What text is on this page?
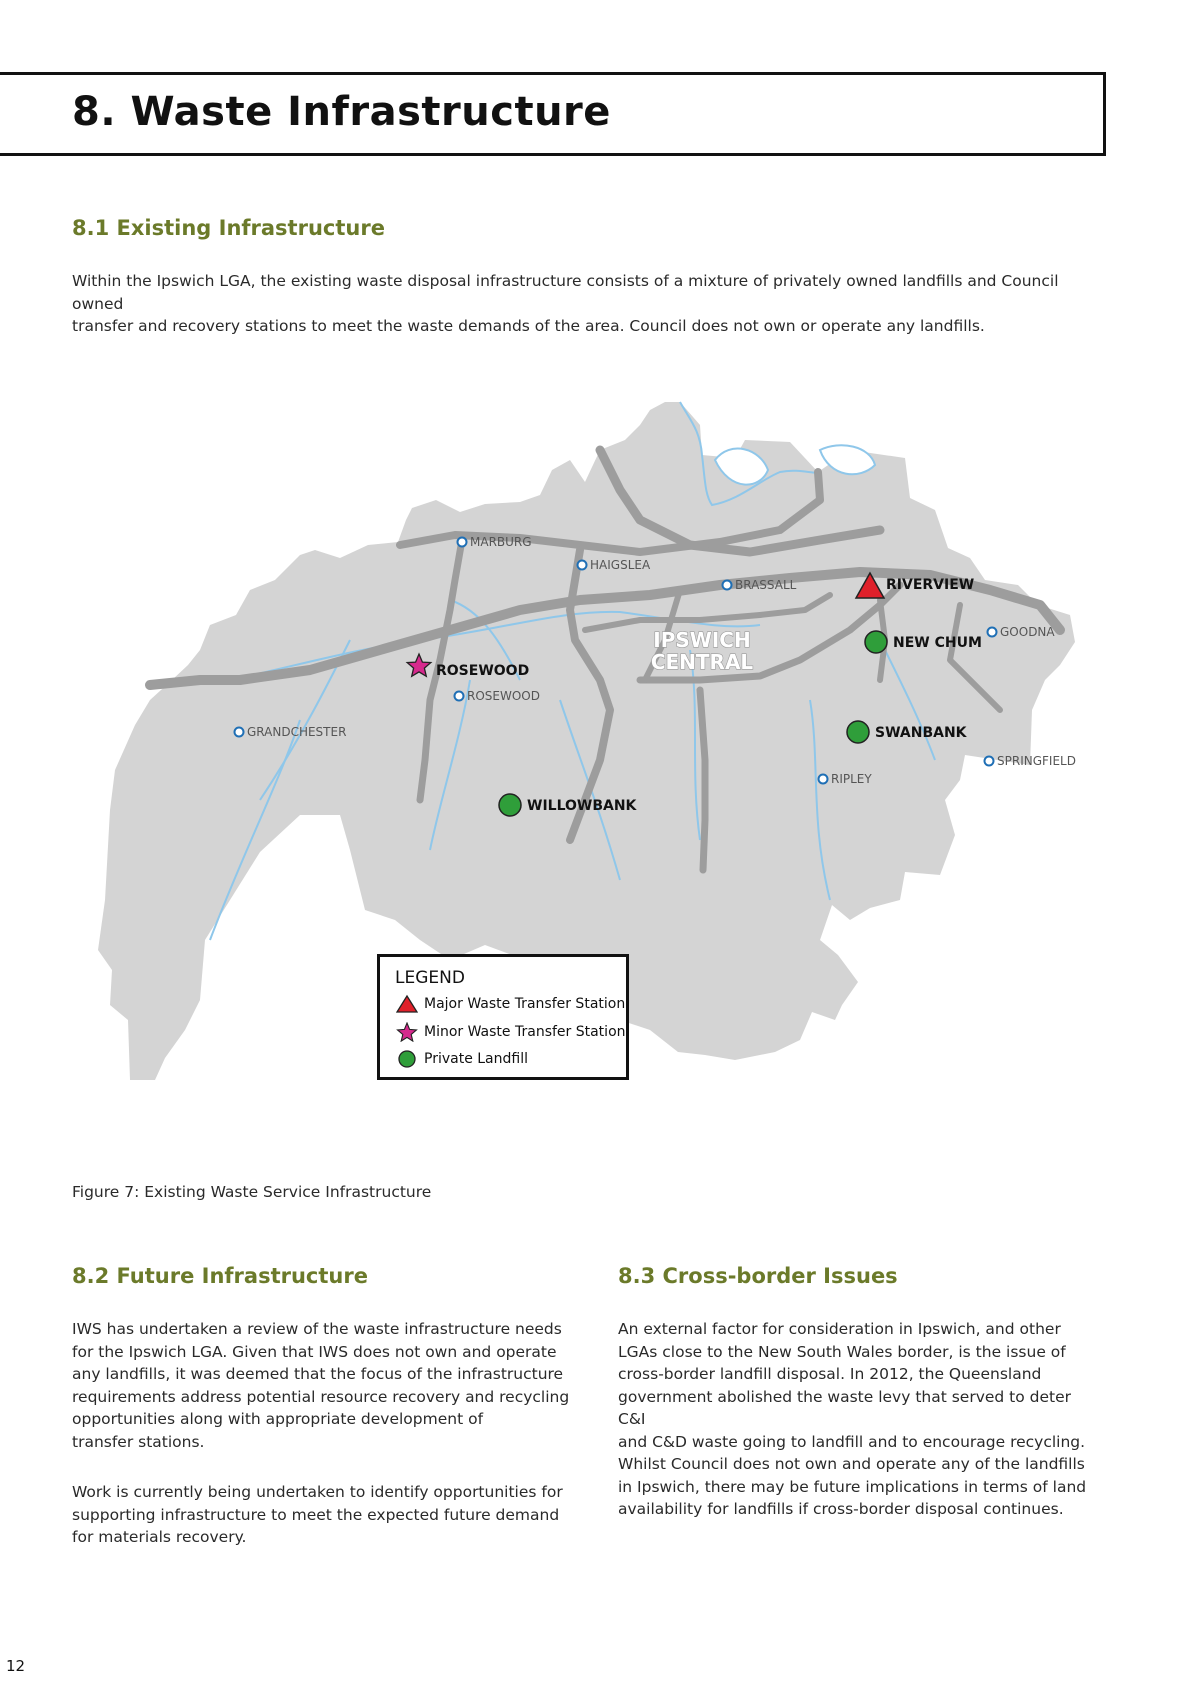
8. Waste Infrastructure
8.1 Existing Infrastructure
Within the Ipswich LGA, the existing waste disposal infrastructure consists of a mixture of privately owned landfills and Council owned
transfer and recovery stations to meet the waste demands of the area. Council does not own or operate any landfills.
MARBURG
HAIGSLEA
BRASSALL
GOODNA
ROSEWOOD
GRANDCHESTER
RIPLEY
SPRINGFIELD
IPSWICH
CENTRAL
RIVERVIEW
NEW CHUM
SWANBANK
WILLOWBANK
ROSEWOOD
LEGEND
Major Waste Transfer Station
Minor Waste Transfer Station
Private Landfill
Figure 7: Existing Waste Service Infrastructure
8.2 Future Infrastructure
IWS has undertaken a review of the waste infrastructure needs
for the Ipswich LGA. Given that IWS does not own and operate
any landfills, it was deemed that the focus of the infrastructure
requirements address potential resource recovery and recycling
opportunities along with appropriate development of
transfer stations.
Work is currently being undertaken to identify opportunities for
supporting infrastructure to meet the expected future demand
for materials recovery.
8.3 Cross-border Issues
An external factor for consideration in Ipswich, and other
LGAs close to the New South Wales border, is the issue of
cross-border landfill disposal. In 2012, the Queensland
government abolished the waste levy that served to deter C&I
and C&D waste going to landfill and to encourage recycling.
Whilst Council does not own and operate any of the landfills
in Ipswich, there may be future implications in terms of land
availability for landfills if cross-border disposal continues.
12
